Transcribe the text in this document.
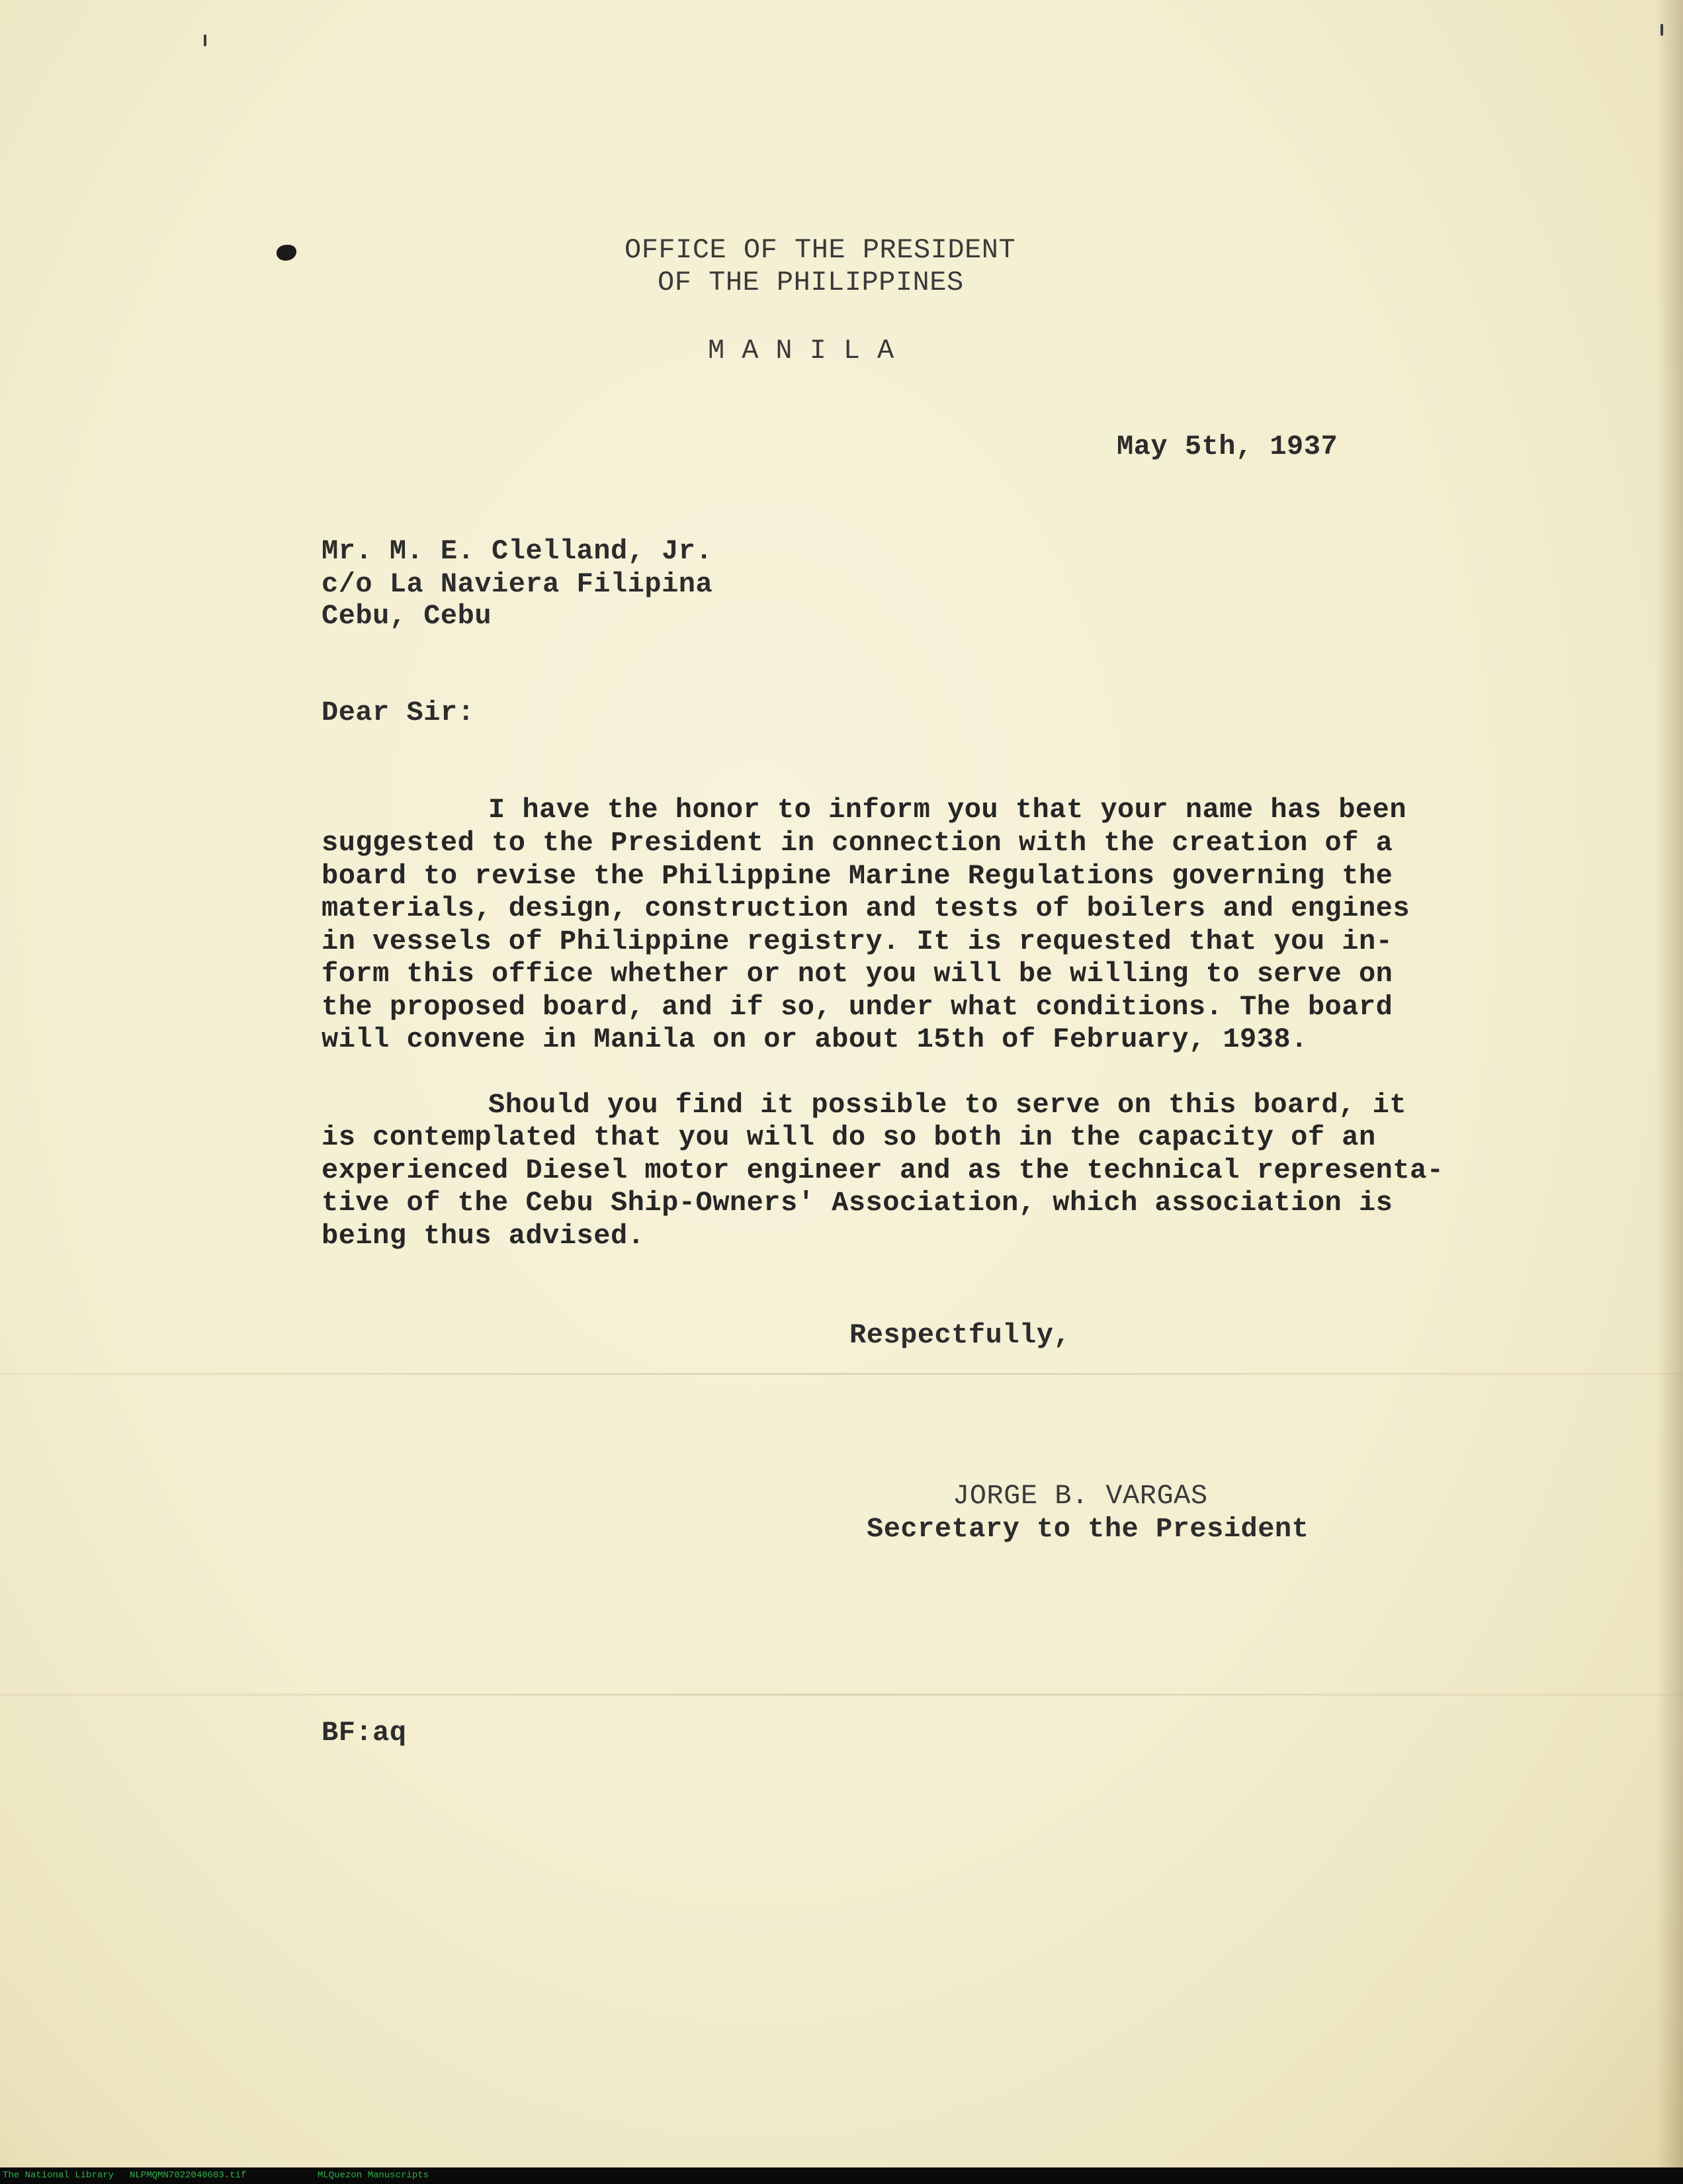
OFFICE OF THE PRESIDENT
OF THE PHILIPPINES
MANILA
May 5th, 1937
Mr. M. E. Clelland, Jr.
c/o La Naviera Filipina
Cebu, Cebu
Dear Sir:
I have the honor to inform you that your name has been
suggested to the President in connection with the creation of a
board to revise the Philippine Marine Regulations governing the
materials, design, construction and tests of boilers and engines
in vessels of Philippine registry. It is requested that you in-
form this office whether or not you will be willing to serve on
the proposed board, and if so, under what conditions. The board
will convene in Manila on or about 15th of February, 1938.
Should you find it possible to serve on this board, it
is contemplated that you will do so both in the capacity of an
experienced Diesel motor engineer and as the technical representa-
tive of the Cebu Ship-Owners' Association, which association is
being thus advised.
Respectfully,
JORGE B. VARGAS
Secretary to the President
BF:aq
The National Library NLPMQMN7022040603.tif	MLQuezon Manuscripts
